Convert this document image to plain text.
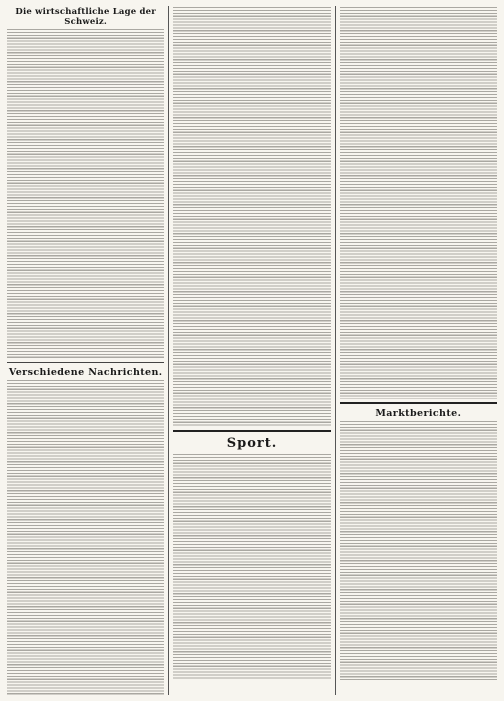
Die wirtschaftliche Lage der Schweiz.
Verschiedene Nachrichten.
Sport.
Marktberichte.
